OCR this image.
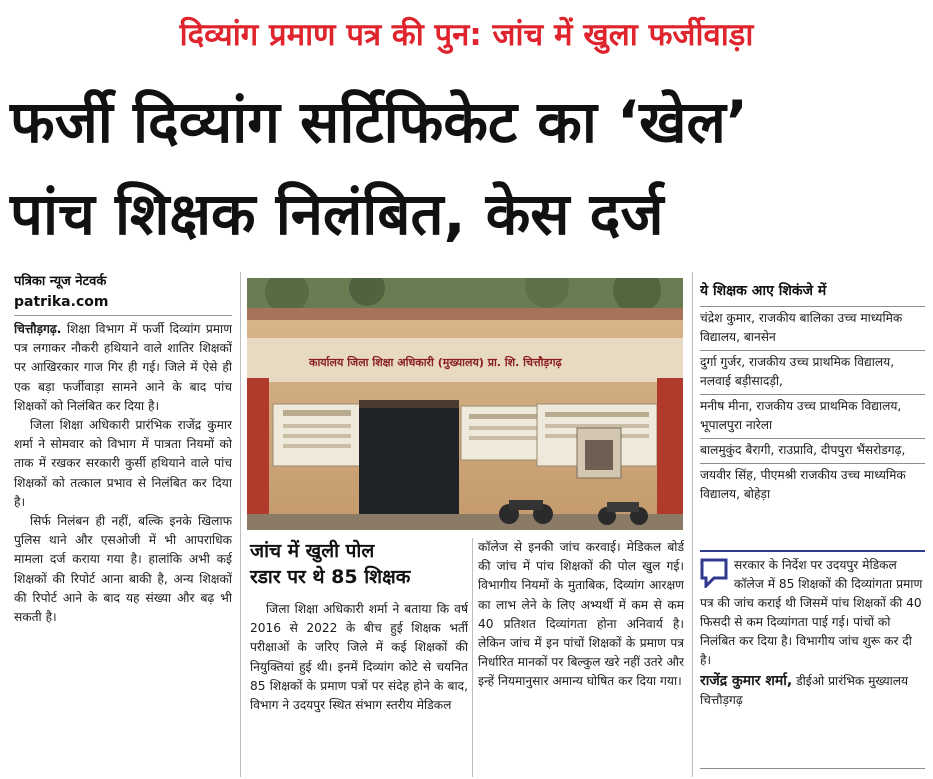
दिव्यांग प्रमाण पत्र की पुन: जांच में खुला फर्जीवाड़ा
फर्जी दिव्यांग सर्टिफिकेट का ‘खेल’
पांच शिक्षक निलंबित, केस दर्ज
पत्रिका न्यूज नेटवर्क
patrika.com

चित्तौड़गढ़. शिक्षा विभाग में फर्जी दिव्यांग प्रमाण पत्र लगाकर नौकरी हथियाने वाले शातिर शिक्षकों पर आखिरकार गाज गिर ही गई। जिले में ऐसे ही एक बड़ा फर्जीवाड़ा सामने आने के बाद पांच शिक्षकों को निलंबित कर दिया है।

जिला शिक्षा अधिकारी प्रारंभिक राजेंद्र कुमार शर्मा ने सोमवार को विभाग में पात्रता नियमों को ताक में रखकर सरकारी कुर्सी हथियाने वाले पांच शिक्षकों को तत्काल प्रभाव से निलंबित कर दिया है।

सिर्फ निलंबन ही नहीं, बल्कि इनके खिलाफ पुलिस थाने और एसओजी में भी आपराधिक मामला दर्ज कराया गया है। हालांकि अभी कई शिक्षकों की रिपोर्ट आना बाकी है, अन्य शिक्षकों की रिपोर्ट आने के बाद यह संख्या और बढ़ भी सकती है।

कार्यालय जिला शिक्षा अधिकारी (मुख्यालय) प्रा. शि. चित्तौड़गढ़
जांच में खुली पोल
रडार पर थे 85 शिक्षक

जिला शिक्षा अधिकारी शर्मा ने बताया कि वर्ष 2016 से 2022 के बीच हुई शिक्षक भर्ती परीक्षाओं के जरिए जिले में कई शिक्षकों की नियुक्तियां हुई थी। इनमें दिव्यांग कोटे से चयनित 85 शिक्षकों के प्रमाण पत्रों पर संदेह होने के बाद, विभाग ने उदयपुर स्थित संभाग स्तरीय मेडिकल

कॉलेज से इनकी जांच करवाई। मेडिकल बोर्ड की जांच में पांच शिक्षकों की पोल खुल गई। विभागीय नियमों के मुताबिक, दिव्यांग आरक्षण का लाभ लेने के लिए अभ्यर्थी में कम से कम 40 प्रतिशत दिव्यांगता होना अनिवार्य है। लेकिन जांच में इन पांचों शिक्षकों के प्रमाण पत्र निर्धारित मानकों पर बिल्कुल खरे नहीं उतरे और इन्हें नियमानुसार अमान्य घोषित कर दिया गया।

ये शिक्षक आए शिकंजे में
चंद्रेश कुमार, राजकीय बालिका उच्च माध्यमिक विद्यालय, बानसेन
दुर्गा गुर्जर, राजकीय उच्च प्राथमिक विद्यालय, नलवाई बड़ीसादड़ी,
मनीष मीना, राजकीय उच्च प्राथमिक विद्यालय, भूपालपुरा नारेला
बालमुकुंद बैरागी, राउप्रावि, दीपपुरा भैंसरोडगढ़,
जयवीर सिंह, पीएमश्री राजकीय उच्च माध्यमिक विद्यालय, बोहेड़ा
सरकार के निर्देश पर उदयपुर मेडिकल कॉलेज में 85 शिक्षकों की दिव्यांगता प्रमाण पत्र की जांच कराई थी जिसमें पांच शिक्षकों की 40 फिसदी से कम दिव्यांगता पाई गई। पांचों को निलंबित कर दिया है। विभागीय जांच शुरू कर दी है।
राजेंद्र कुमार शर्मा, डीईओ प्रारंभिक मुख्यालय चित्तौड़गढ़
